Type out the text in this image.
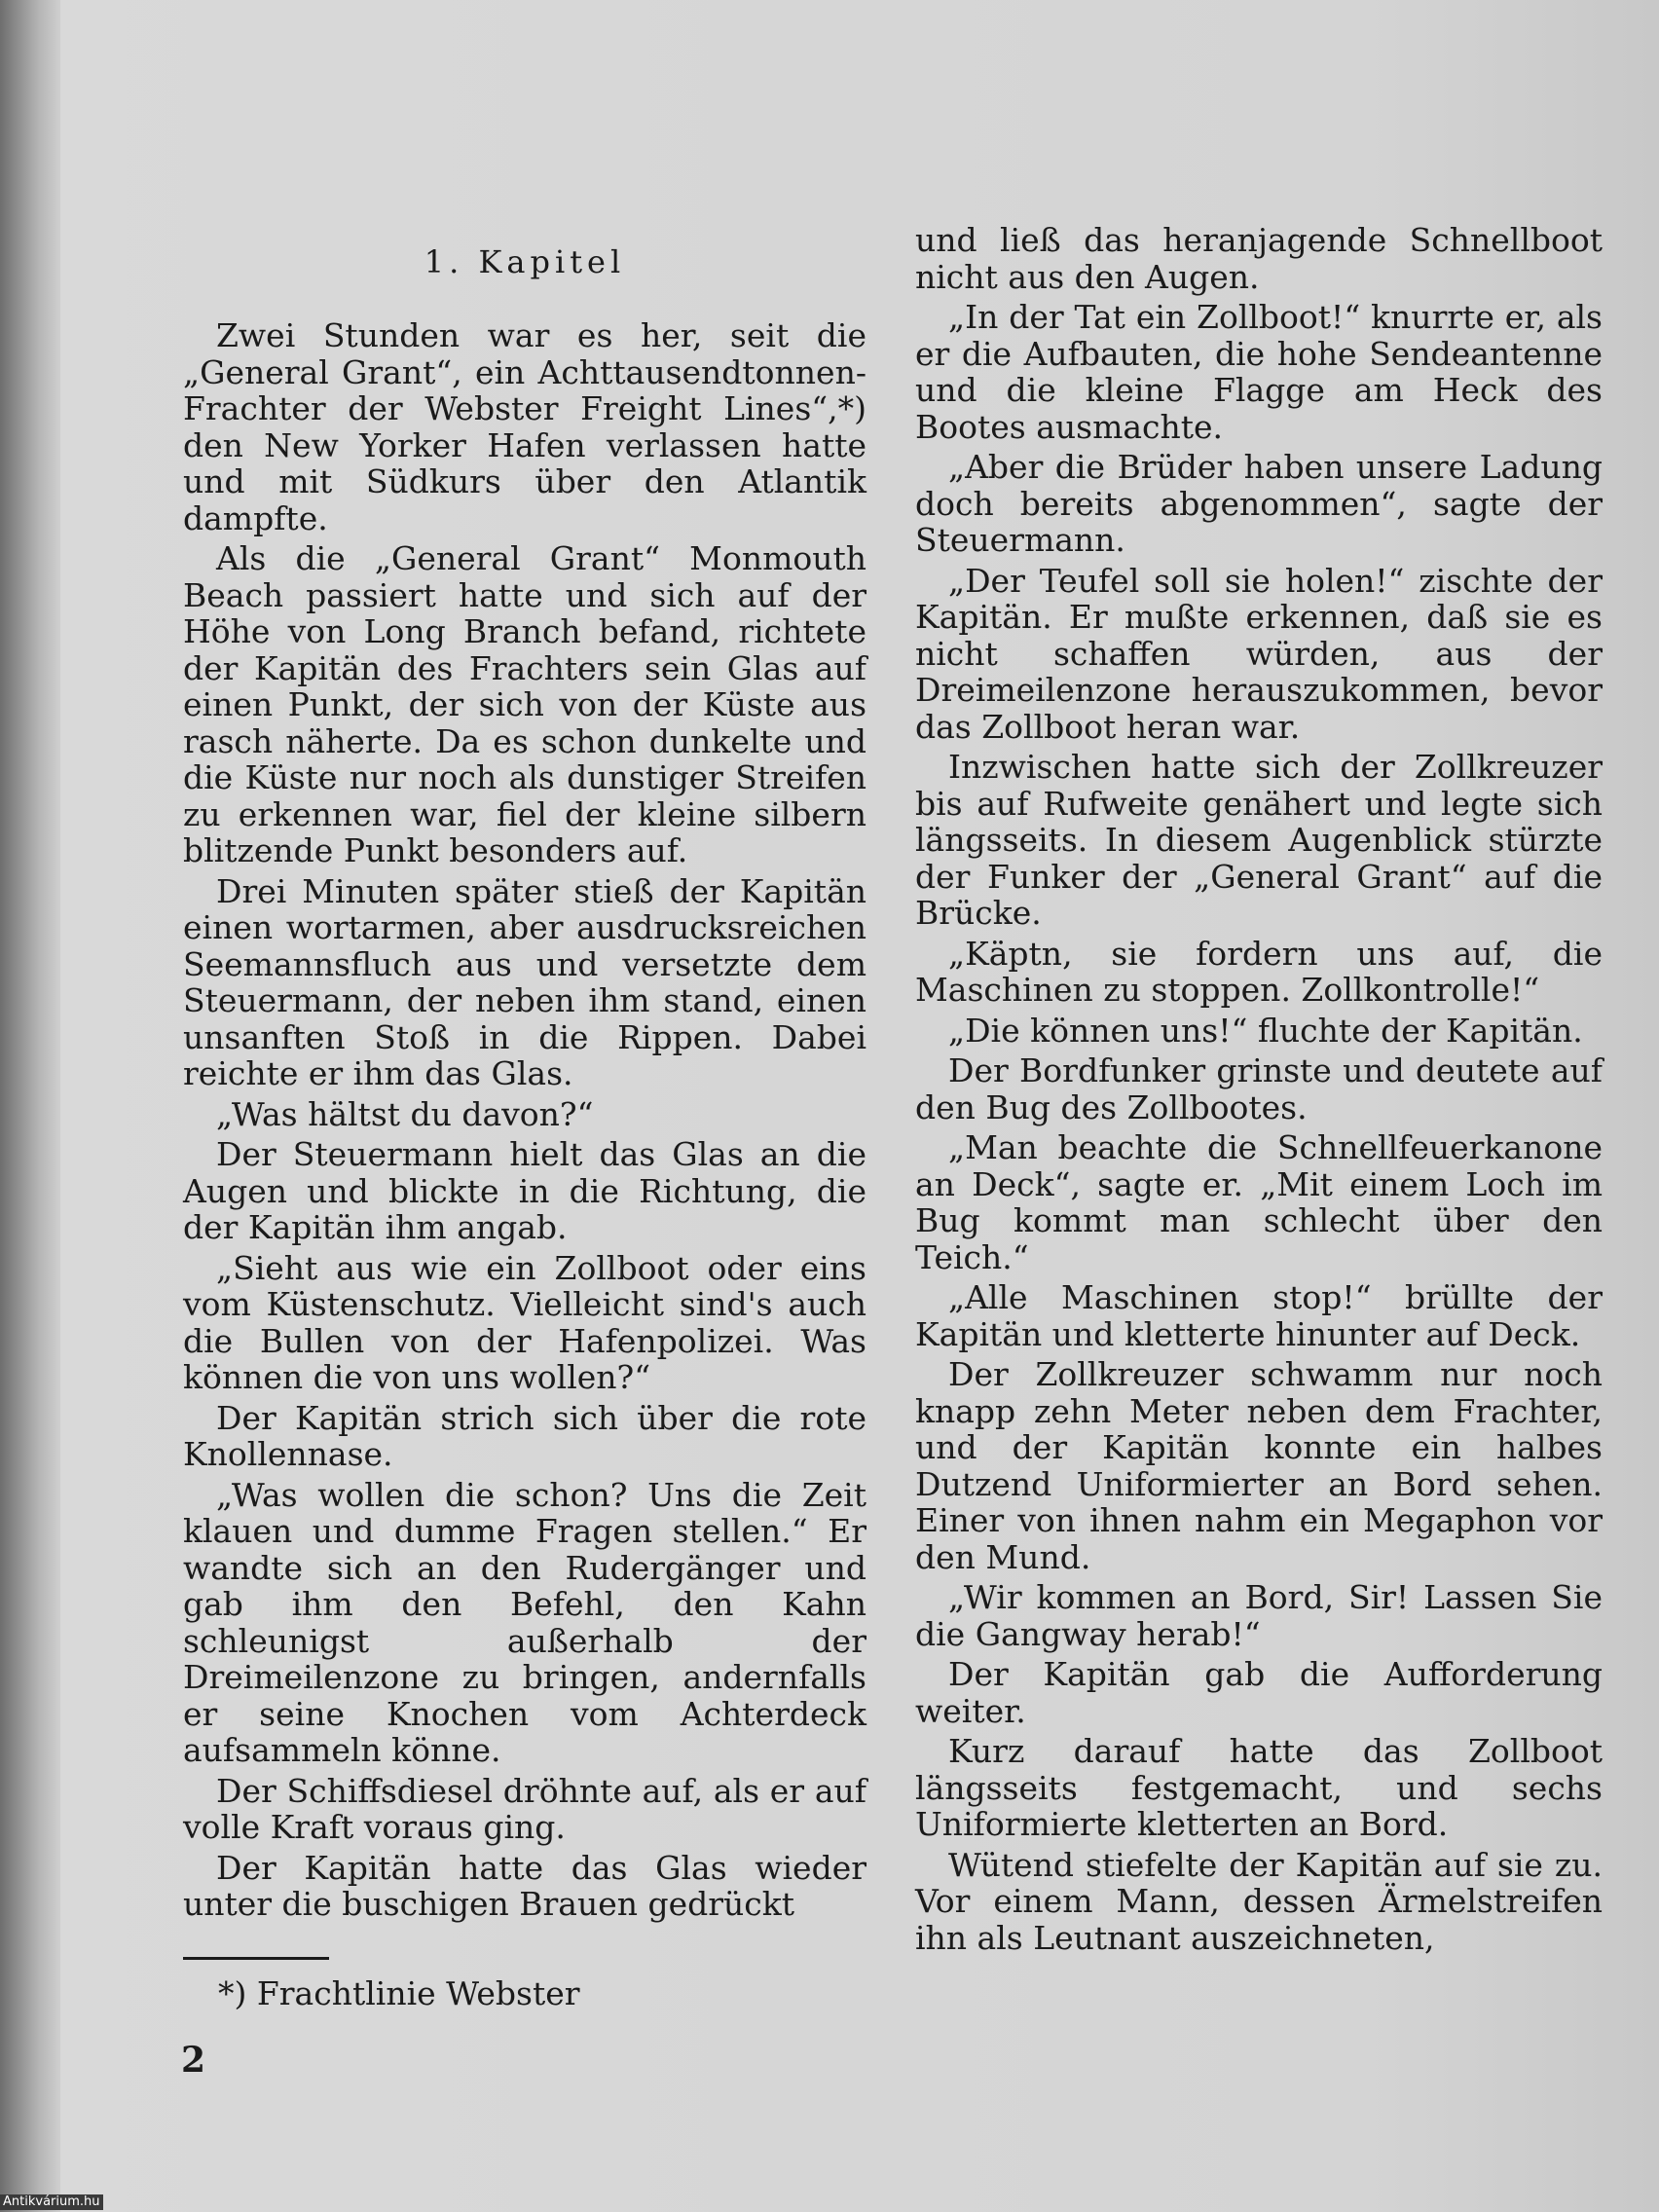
1. Kapitel

Zwei Stunden war es her, seit die „General Grant“, ein Achttausendtonnen-Frachter der Webster Freight Lines“,*) den New Yorker Hafen verlassen hatte und mit Südkurs über den Atlantik dampfte.

Als die „General Grant“ Monmouth Beach passiert hatte und sich auf der Höhe von Long Branch befand, richtete der Kapitän des Frachters sein Glas auf einen Punkt, der sich von der Küste aus rasch näherte. Da es schon dunkelte und die Küste nur noch als dunstiger Streifen zu erkennen war, fiel der kleine silbern blitzende Punkt besonders auf.

Drei Minuten später stieß der Kapitän einen wortarmen, aber ausdrucksreichen Seemannsfluch aus und versetzte dem Steuermann, der neben ihm stand, einen unsanften Stoß in die Rippen. Dabei reichte er ihm das Glas.

„Was hältst du davon?“

Der Steuermann hielt das Glas an die Augen und blickte in die Richtung, die der Kapitän ihm angab.

„Sieht aus wie ein Zollboot oder eins vom Küstenschutz. Vielleicht sind's auch die Bullen von der Hafenpolizei. Was können die von uns wollen?“

Der Kapitän strich sich über die rote Knollennase.

„Was wollen die schon? Uns die Zeit klauen und dumme Fragen stellen.“ Er wandte sich an den Rudergänger und gab ihm den Befehl, den Kahn schleunigst außerhalb der Dreimeilenzone zu bringen, andernfalls er seine Knochen vom Achterdeck aufsammeln könne.

Der Schiffsdiesel dröhnte auf, als er auf volle Kraft voraus ging.

Der Kapitän hatte das Glas wieder unter die buschigen Brauen gedrückt

und ließ das heranjagende Schnellboot nicht aus den Augen.

„In der Tat ein Zollboot!“ knurrte er, als er die Aufbauten, die hohe Sendeantenne und die kleine Flagge am Heck des Bootes ausmachte.

„Aber die Brüder haben unsere Ladung doch bereits abgenommen“, sagte der Steuermann.

„Der Teufel soll sie holen!“ zischte der Kapitän. Er mußte erkennen, daß sie es nicht schaffen würden, aus der Dreimeilenzone herauszukommen, bevor das Zollboot heran war.

Inzwischen hatte sich der Zollkreuzer bis auf Rufweite genähert und legte sich längsseits. In diesem Augenblick stürzte der Funker der „General Grant“ auf die Brücke.

„Käptn, sie fordern uns auf, die Maschinen zu stoppen. Zollkontrolle!“

„Die können uns!“ fluchte der Kapitän.

Der Bordfunker grinste und deutete auf den Bug des Zollbootes.

„Man beachte die Schnellfeuerkanone an Deck“, sagte er. „Mit einem Loch im Bug kommt man schlecht über den Teich.“

„Alle Maschinen stop!“ brüllte der Kapitän und kletterte hinunter auf Deck.

Der Zollkreuzer schwamm nur noch knapp zehn Meter neben dem Frachter, und der Kapitän konnte ein halbes Dutzend Uniformierter an Bord sehen. Einer von ihnen nahm ein Megaphon vor den Mund.

„Wir kommen an Bord, Sir! Lassen Sie die Gangway herab!“

Der Kapitän gab die Aufforderung weiter.

Kurz darauf hatte das Zollboot längsseits festgemacht, und sechs Uniformierte kletterten an Bord.

Wütend stiefelte der Kapitän auf sie zu. Vor einem Mann, dessen Ärmelstreifen ihn als Leutnant auszeichneten,

*) Frachtlinie Webster
2
Antikvárium.hu
